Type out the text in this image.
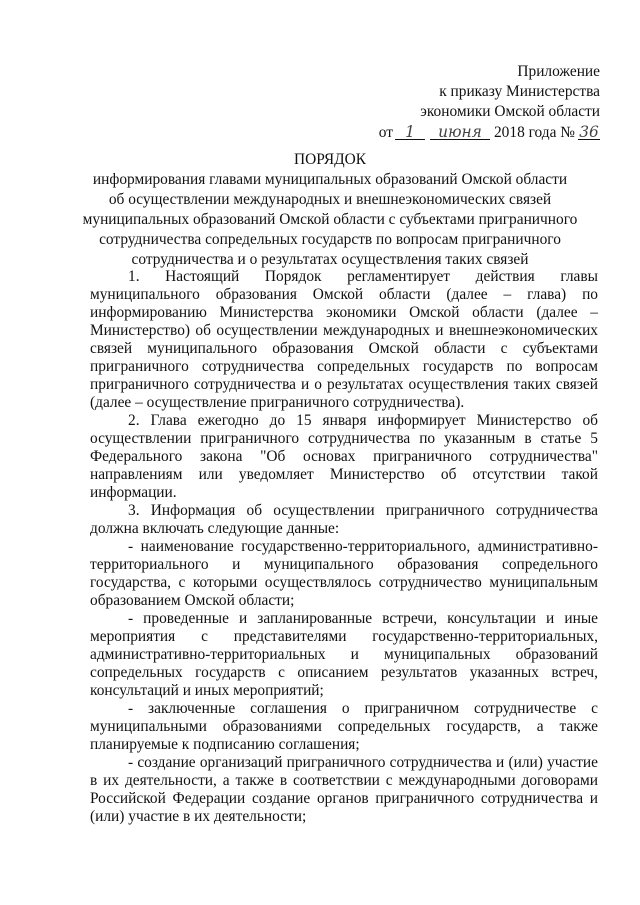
Приложение
к приказу Министерства
экономики Омской области
от 1 июня 2018 года № 36
ПОРЯДОК
информирования главами муниципальных образований Омской области
об осуществлении международных и внешнеэкономических связей
муниципальных образований Омской области с субъектами приграничного
сотрудничества сопредельных государств по вопросам приграничного
сотрудничества и о результатах осуществления таких связей
1. Настоящий Порядок регламентирует действия главы
муниципального образования Омской области (далее – глава) по
информированию Министерства экономики Омской области (далее –
Министерство) об осуществлении международных и внешнеэкономических
связей муниципального образования Омской области с субъектами
приграничного сотрудничества сопредельных государств по вопросам
приграничного сотрудничества и о результатах осуществления таких связей
(далее – осуществление приграничного сотрудничества).
2. Глава ежегодно до 15 января информирует Министерство об
осуществлении приграничного сотрудничества по указанным в статье 5
Федерального закона "Об основах приграничного сотрудничества"
направлениям или уведомляет Министерство об отсутствии такой
информации.
3. Информация об осуществлении приграничного сотрудничества
должна включать следующие данные:
- наименование государственно-территориального, административно-
территориального и муниципального образования сопредельного
государства, с которыми осуществлялось сотрудничество муниципальным
образованием Омской области;
- проведенные и запланированные встречи, консультации и иные
мероприятия с представителями государственно-территориальных,
административно-территориальных и муниципальных образований
сопредельных государств с описанием результатов указанных встреч,
консультаций и иных мероприятий;
- заключенные соглашения о приграничном сотрудничестве с
муниципальными образованиями сопредельных государств, а также
планируемые к подписанию соглашения;
- создание организаций приграничного сотрудничества и (или) участие
в их деятельности, а также в соответствии с международными договорами
Российской Федерации создание органов приграничного сотрудничества и
(или) участие в их деятельности;
